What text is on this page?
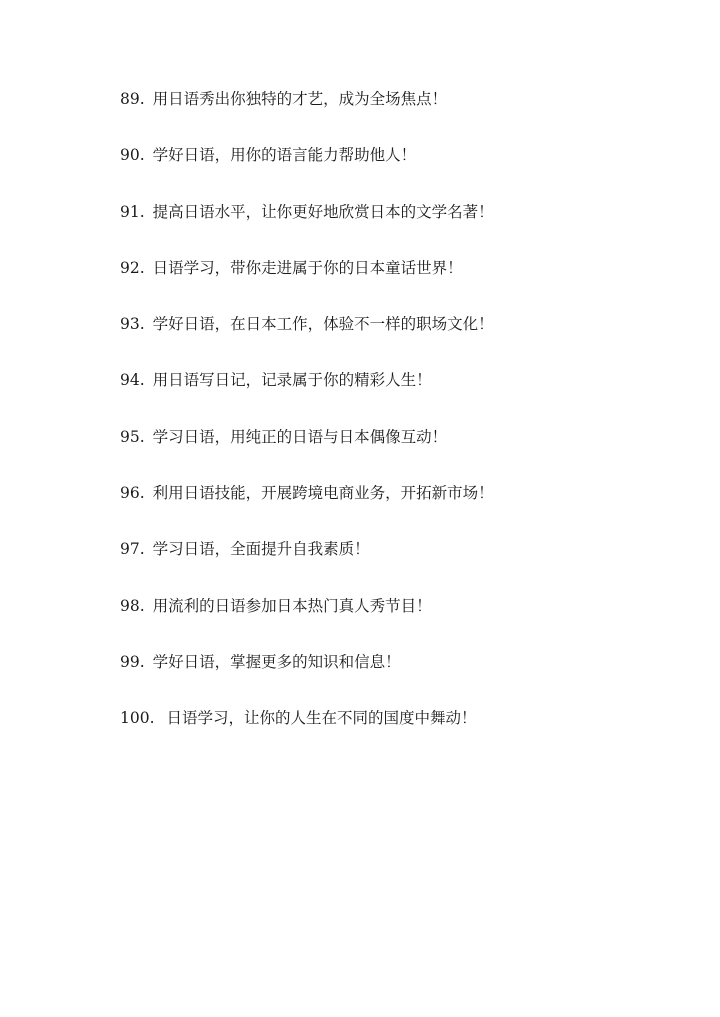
89. 用日语秀出你独特的才艺，成为全场焦点！
90. 学好日语，用你的语言能力帮助他人！
91. 提高日语水平，让你更好地欣赏日本的文学名著！
92. 日语学习，带你走进属于你的日本童话世界！
93. 学好日语，在日本工作，体验不一样的职场文化！
94. 用日语写日记，记录属于你的精彩人生！
95. 学习日语，用纯正的日语与日本偶像互动！
96. 利用日语技能，开展跨境电商业务，开拓新市场！
97. 学习日语，全面提升自我素质！
98. 用流利的日语参加日本热门真人秀节目！
99. 学好日语，掌握更多的知识和信息！
100. 日语学习，让你的人生在不同的国度中舞动！
